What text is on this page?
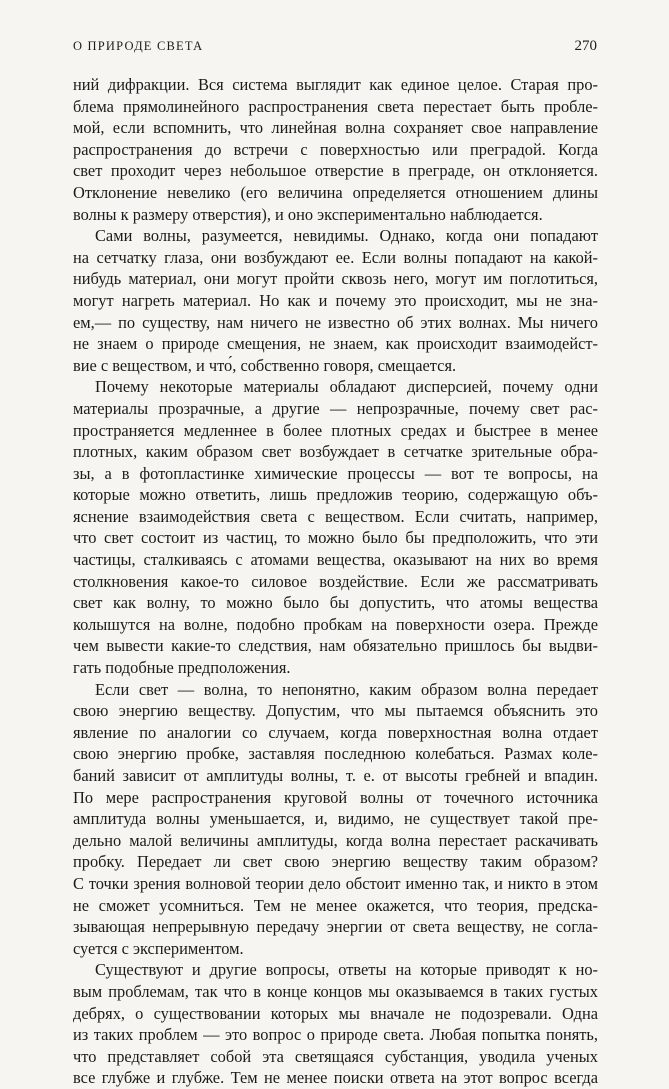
О ПРИРОДЕ СВЕТА	270
ний дифракции. Вся система выглядит как единое целое. Старая про-
блема прямолинейного распространения света перестает быть пробле-
мой, если вспомнить, что линейная волна сохраняет свое направление
распространения до встречи с поверхностью или преградой. Когда
свет проходит через небольшое отверстие в преграде, он отклоняется.
Отклонение невелико (его величина определяется отношением длины
волны к размеру отверстия), и оно экспериментально наблюдается.
Сами волны, разумеется, невидимы. Однако, когда они попадают
на сетчатку глаза, они возбуждают ее. Если волны попадают на какой-
нибудь материал, они могут пройти сквозь него, могут им поглотиться,
могут нагреть материал. Но как и почему это происходит, мы не зна-
ем,— по существу, нам ничего не известно об этих волнах. Мы ничего
не знаем о природе смещения, не знаем, как происходит взаимодейст-
вие с веществом, и что́, собственно говоря, смещается.
Почему некоторые материалы обладают дисперсией, почему одни
материалы прозрачные, а другие — непрозрачные, почему свет рас-
пространяется медленнее в более плотных средах и быстрее в менее
плотных, каким образом свет возбуждает в сетчатке зрительные обра-
зы, а в фотопластинке химические процессы — вот те вопросы, на
которые можно ответить, лишь предложив теорию, содержащую объ-
яснение взаимодействия света с веществом. Если считать, например,
что свет состоит из частиц, то можно было бы предположить, что эти
частицы, сталкиваясь с атомами вещества, оказывают на них во время
столкновения какое-то силовое воздействие. Если же рассматривать
свет как волну, то можно было бы допустить, что атомы вещества
колышутся на волне, подобно пробкам на поверхности озера. Прежде
чем вывести какие-то следствия, нам обязательно пришлось бы выдви-
гать подобные предположения.
Если свет — волна, то непонятно, каким образом волна передает
свою энергию веществу. Допустим, что мы пытаемся объяснить это
явление по аналогии со случаем, когда поверхностная волна отдает
свою энергию пробке, заставляя последнюю колебаться. Размах коле-
баний зависит от амплитуды волны, т. е. от высоты гребней и впадин.
По мере распространения круговой волны от точечного источника
амплитуда волны уменьшается, и, видимо, не существует такой пре-
дельно малой величины амплитуды, когда волна перестает раскачивать
пробку. Передает ли свет свою энергию веществу таким образом?
С точки зрения волновой теории дело обстоит именно так, и никто в этом
не сможет усомниться. Тем не менее окажется, что теория, предска-
зывающая непрерывную передачу энергии от света веществу, не согла-
суется с экспериментом.
Существуют и другие вопросы, ответы на которые приводят к но-
вым проблемам, так что в конце концов мы оказываемся в таких густых
дебрях, о существовании которых мы вначале не подозревали. Одна
из таких проблем — это вопрос о природе света. Любая попытка понять,
что представляет собой эта светящаяся субстанция, уводила ученых
все глубже и глубже. Тем не менее поиски ответа на этот вопрос всегда
